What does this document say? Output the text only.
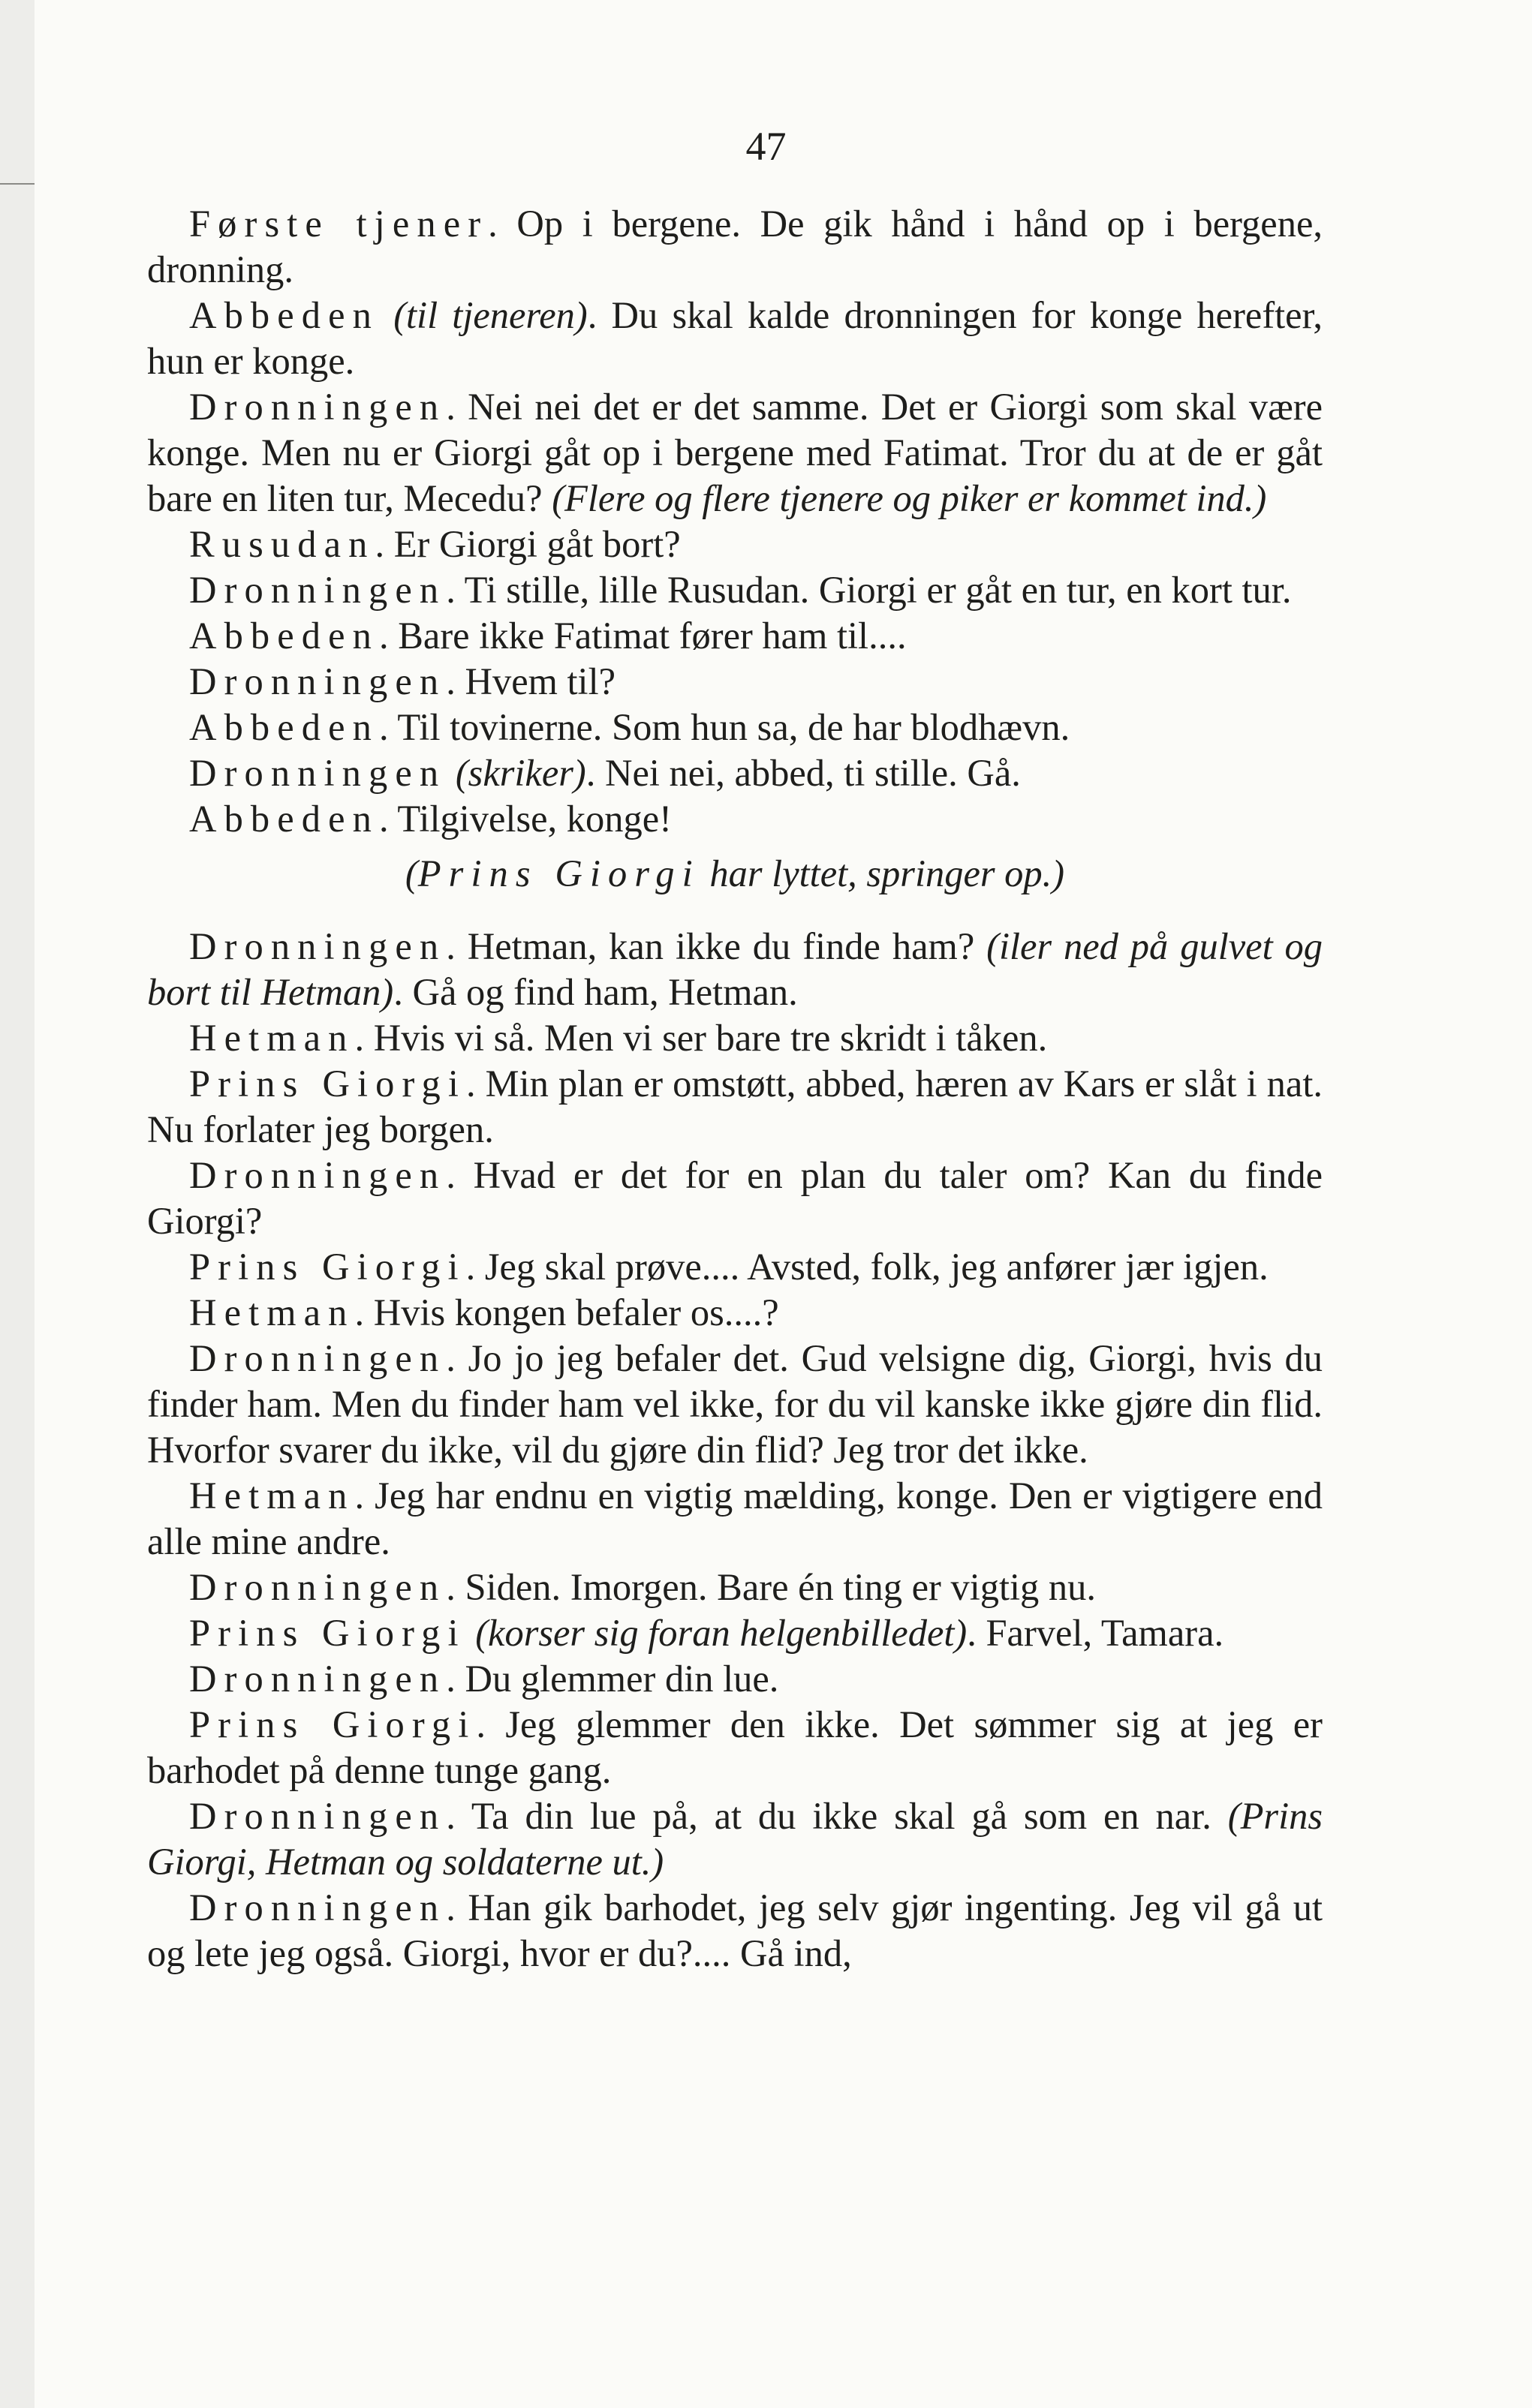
47

Første tjener. Op i bergene. De gik hånd i hånd op i bergene, dronning.

Abbeden (til tjeneren). Du skal kalde dronningen for konge herefter, hun er konge.

Dronningen. Nei nei det er det samme. Det er Giorgi som skal være konge. Men nu er Giorgi gåt op i bergene med Fatimat. Tror du at de er gåt bare en liten tur, Mecedu? (Flere og flere tjenere og piker er kommet ind.)

Rusudan. Er Giorgi gåt bort?

Dronningen. Ti stille, lille Rusudan. Giorgi er gåt en tur, en kort tur.

Abbeden. Bare ikke Fatimat fører ham til....

Dronningen. Hvem til?

Abbeden. Til tovinerne. Som hun sa, de har blodhævn.

Dronningen (skriker). Nei nei, abbed, ti stille. Gå.

Abbeden. Tilgivelse, konge!

(Prins Giorgi har lyttet, springer op.)

Dronningen. Hetman, kan ikke du finde ham? (iler ned på gulvet og bort til Hetman). Gå og find ham, Hetman.

Hetman. Hvis vi så. Men vi ser bare tre skridt i tåken.

Prins Giorgi. Min plan er omstøtt, abbed, hæren av Kars er slåt i nat. Nu forlater jeg borgen.

Dronningen. Hvad er det for en plan du taler om? Kan du finde Giorgi?

Prins Giorgi. Jeg skal prøve.... Avsted, folk, jeg anfører jær igjen.

Hetman. Hvis kongen befaler os....?

Dronningen. Jo jo jeg befaler det. Gud velsigne dig, Giorgi, hvis du finder ham. Men du finder ham vel ikke, for du vil kanske ikke gjøre din flid. Hvorfor svarer du ikke, vil du gjøre din flid? Jeg tror det ikke.

Hetman. Jeg har endnu en vigtig mælding, konge. Den er vigtigere end alle mine andre.

Dronningen. Siden. Imorgen. Bare én ting er vigtig nu.

Prins Giorgi (korser sig foran helgenbilledet). Farvel, Tamara.

Dronningen. Du glemmer din lue.

Prins Giorgi. Jeg glemmer den ikke. Det sømmer sig at jeg er barhodet på denne tunge gang.

Dronningen. Ta din lue på, at du ikke skal gå som en nar. (Prins Giorgi, Hetman og soldaterne ut.)

Dronningen. Han gik barhodet, jeg selv gjør ingenting. Jeg vil gå ut og lete jeg også. Giorgi, hvor er du?.... Gå ind,
